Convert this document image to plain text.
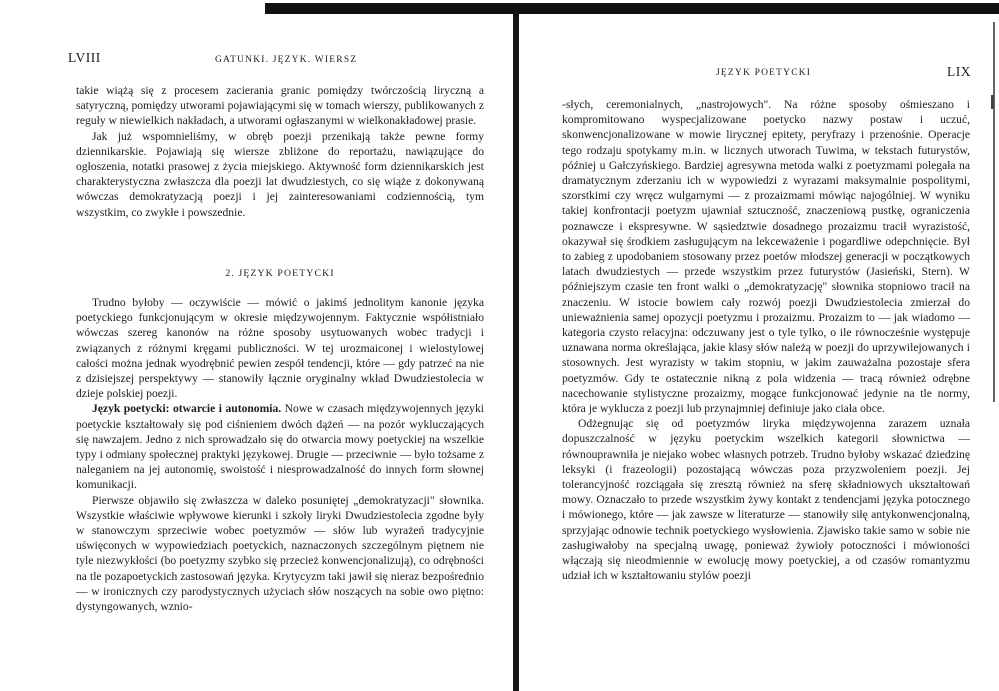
LVIII	GATUNKI. JĘZYK. WIERSZ

takie wiążą się z procesem zacierania granic pomiędzy twórczością liryczną a satyryczną, pomiędzy utworami pojawiającymi się w tomach wierszy, publikowanych z reguły w niewielkich nakładach, a utworami ogłaszanymi w wielkonakładowej prasie.

Jak już wspomnieliśmy, w obręb poezji przenikają także pewne formy dziennikarskie. Pojawiają się wiersze zbliżone do reportażu, nawiązujące do ogłoszenia, notatki prasowej z życia miejskiego. Aktywność form dziennikarskich jest charakterystyczna zwłaszcza dla poezji lat dwudziestych, co się wiąże z dokonywaną wówczas demokratyzacją poezji i jej zainteresowaniami codziennością, tym wszystkim, co zwykłe i powszednie.

2. JĘZYK POETYCKI

Trudno byłoby — oczywiście — mówić o jakimś jednolitym kanonie języka poetyckiego funkcjonującym w okresie międzywojennym. Faktycznie współistniało wówczas szereg kanonów na różne sposoby usytuowanych wobec tradycji i związanych z różnymi kręgami publiczności. W tej urozmaiconej i wielostylowej całości można jednak wyodrębnić pewien zespół tendencji, które — gdy patrzeć na nie z dzisiejszej perspektywy — stanowiły łącznie oryginalny wkład Dwudziestolecia w dzieje polskiej poezji.

Język poetycki: otwarcie i autonomia. Nowe w czasach międzywojennych języki poetyckie kształtowały się pod ciśnieniem dwóch dążeń — na pozór wykluczających się nawzajem. Jedno z nich sprowadzało się do otwarcia mowy poetyckiej na wszelkie typy i odmiany społecznej praktyki językowej. Drugie — przeciwnie — było tożsame z naleganiem na jej autonomię, swoistość i niesprowadzalność do innych form słownej komunikacji.

Pierwsze objawiło się zwłaszcza w daleko posuniętej „demokratyzacji" słownika. Wszystkie właściwie wpływowe kierunki i szkoły liryki Dwudziestolecia zgodne były w stanowczym sprzeciwie wobec poetyzmów — słów lub wyrażeń tradycyjnie uświęconych w wypowiedziach poetyckich, naznaczonych szczególnym piętnem nie tyle niezwykłości (bo poetyzmy szybko się przecież konwencjonalizują), co odrębności na tle pozapoetyckich zastosowań języka. Krytycyzm taki jawił się nieraz bezpośrednio — w ironicznych czy parodystycznych użyciach słów noszących na sobie owo piętno: dystyngowanych, wznio-

JĘZYK POETYCKI	LIX

-słych, ceremonialnych, „nastrojowych". Na różne sposoby ośmieszano i kompromitowano wyspecjalizowane poetycko nazwy postaw i uczuć, skonwencjonalizowane w mowie lirycznej epitety, peryfrazy i przenośnie. Operacje tego rodzaju spotykamy m.in. w licznych utworach Tuwima, w tekstach futurystów, później u Gałczyńskiego. Bardziej agresywna metoda walki z poetyzmami polegała na dramatycznym zderzaniu ich w wypowiedzi z wyrazami maksymalnie pospolitymi, szorstkimi czy wręcz wulgarnymi — z prozaizmami mówiąc najogólniej. W wyniku takiej konfrontacji poetyzm ujawniał sztuczność, znaczeniową pustkę, ograniczenia poznawcze i ekspresywne. W sąsiedztwie dosadnego prozaizmu tracił wyrazistość, okazywał się środkiem zasługującym na lekceważenie i pogardliwe odepchnięcie. Był to zabieg z upodobaniem stosowany przez poetów młodszej generacji w początkowych latach dwudziestych — przede wszystkim przez futurystów (Jasieński, Stern). W późniejszym czasie ten front walki o „demokratyzację" słownika stopniowo tracił na znaczeniu. W istocie bowiem cały rozwój poezji Dwudziestolecia zmierzał do unieważnienia samej opozycji poetyzmu i prozaizmu. Prozaizm to — jak wiadomo — kategoria czysto relacyjna: odczuwany jest o tyle tylko, o ile równocześnie występuje uznawana norma określająca, jakie klasy słów należą w poezji do uprzywilejowanych i stosownych. Jest wyrazisty w takim stopniu, w jakim zauważalna pozostaje sfera poetyzmów. Gdy te ostatecznie nikną z pola widzenia — tracą również odrębne nacechowanie stylistyczne prozaizmy, mogące funkcjonować jedynie na tle normy, która je wyklucza z poezji lub przynajmniej definiuje jako ciała obce.

Odżegnując się od poetyzmów liryka międzywojenna zarazem uznała dopuszczalność w języku poetyckim wszelkich kategorii słownictwa — równouprawniła je niejako wobec własnych potrzeb. Trudno byłoby wskazać dziedzinę leksyki (i frazeologii) pozostającą wówczas poza przyzwoleniem poezji. Jej tolerancyjność rozciągała się zresztą również na sferę składniowych ukształtowań mowy. Oznaczało to przede wszystkim żywy kontakt z tendencjami języka potocznego i mówionego, które — jak zawsze w literaturze — stanowiły siłę antykonwencjonalną, sprzyjając odnowie technik poetyckiego wysłowienia. Zjawisko takie samo w sobie nie zasługiwałoby na specjalną uwagę, ponieważ żywioły potoczności i mówioności włączają się nieodmiennie w ewolucję mowy poetyckiej, a od czasów romantyzmu udział ich w kształtowaniu stylów poezji
